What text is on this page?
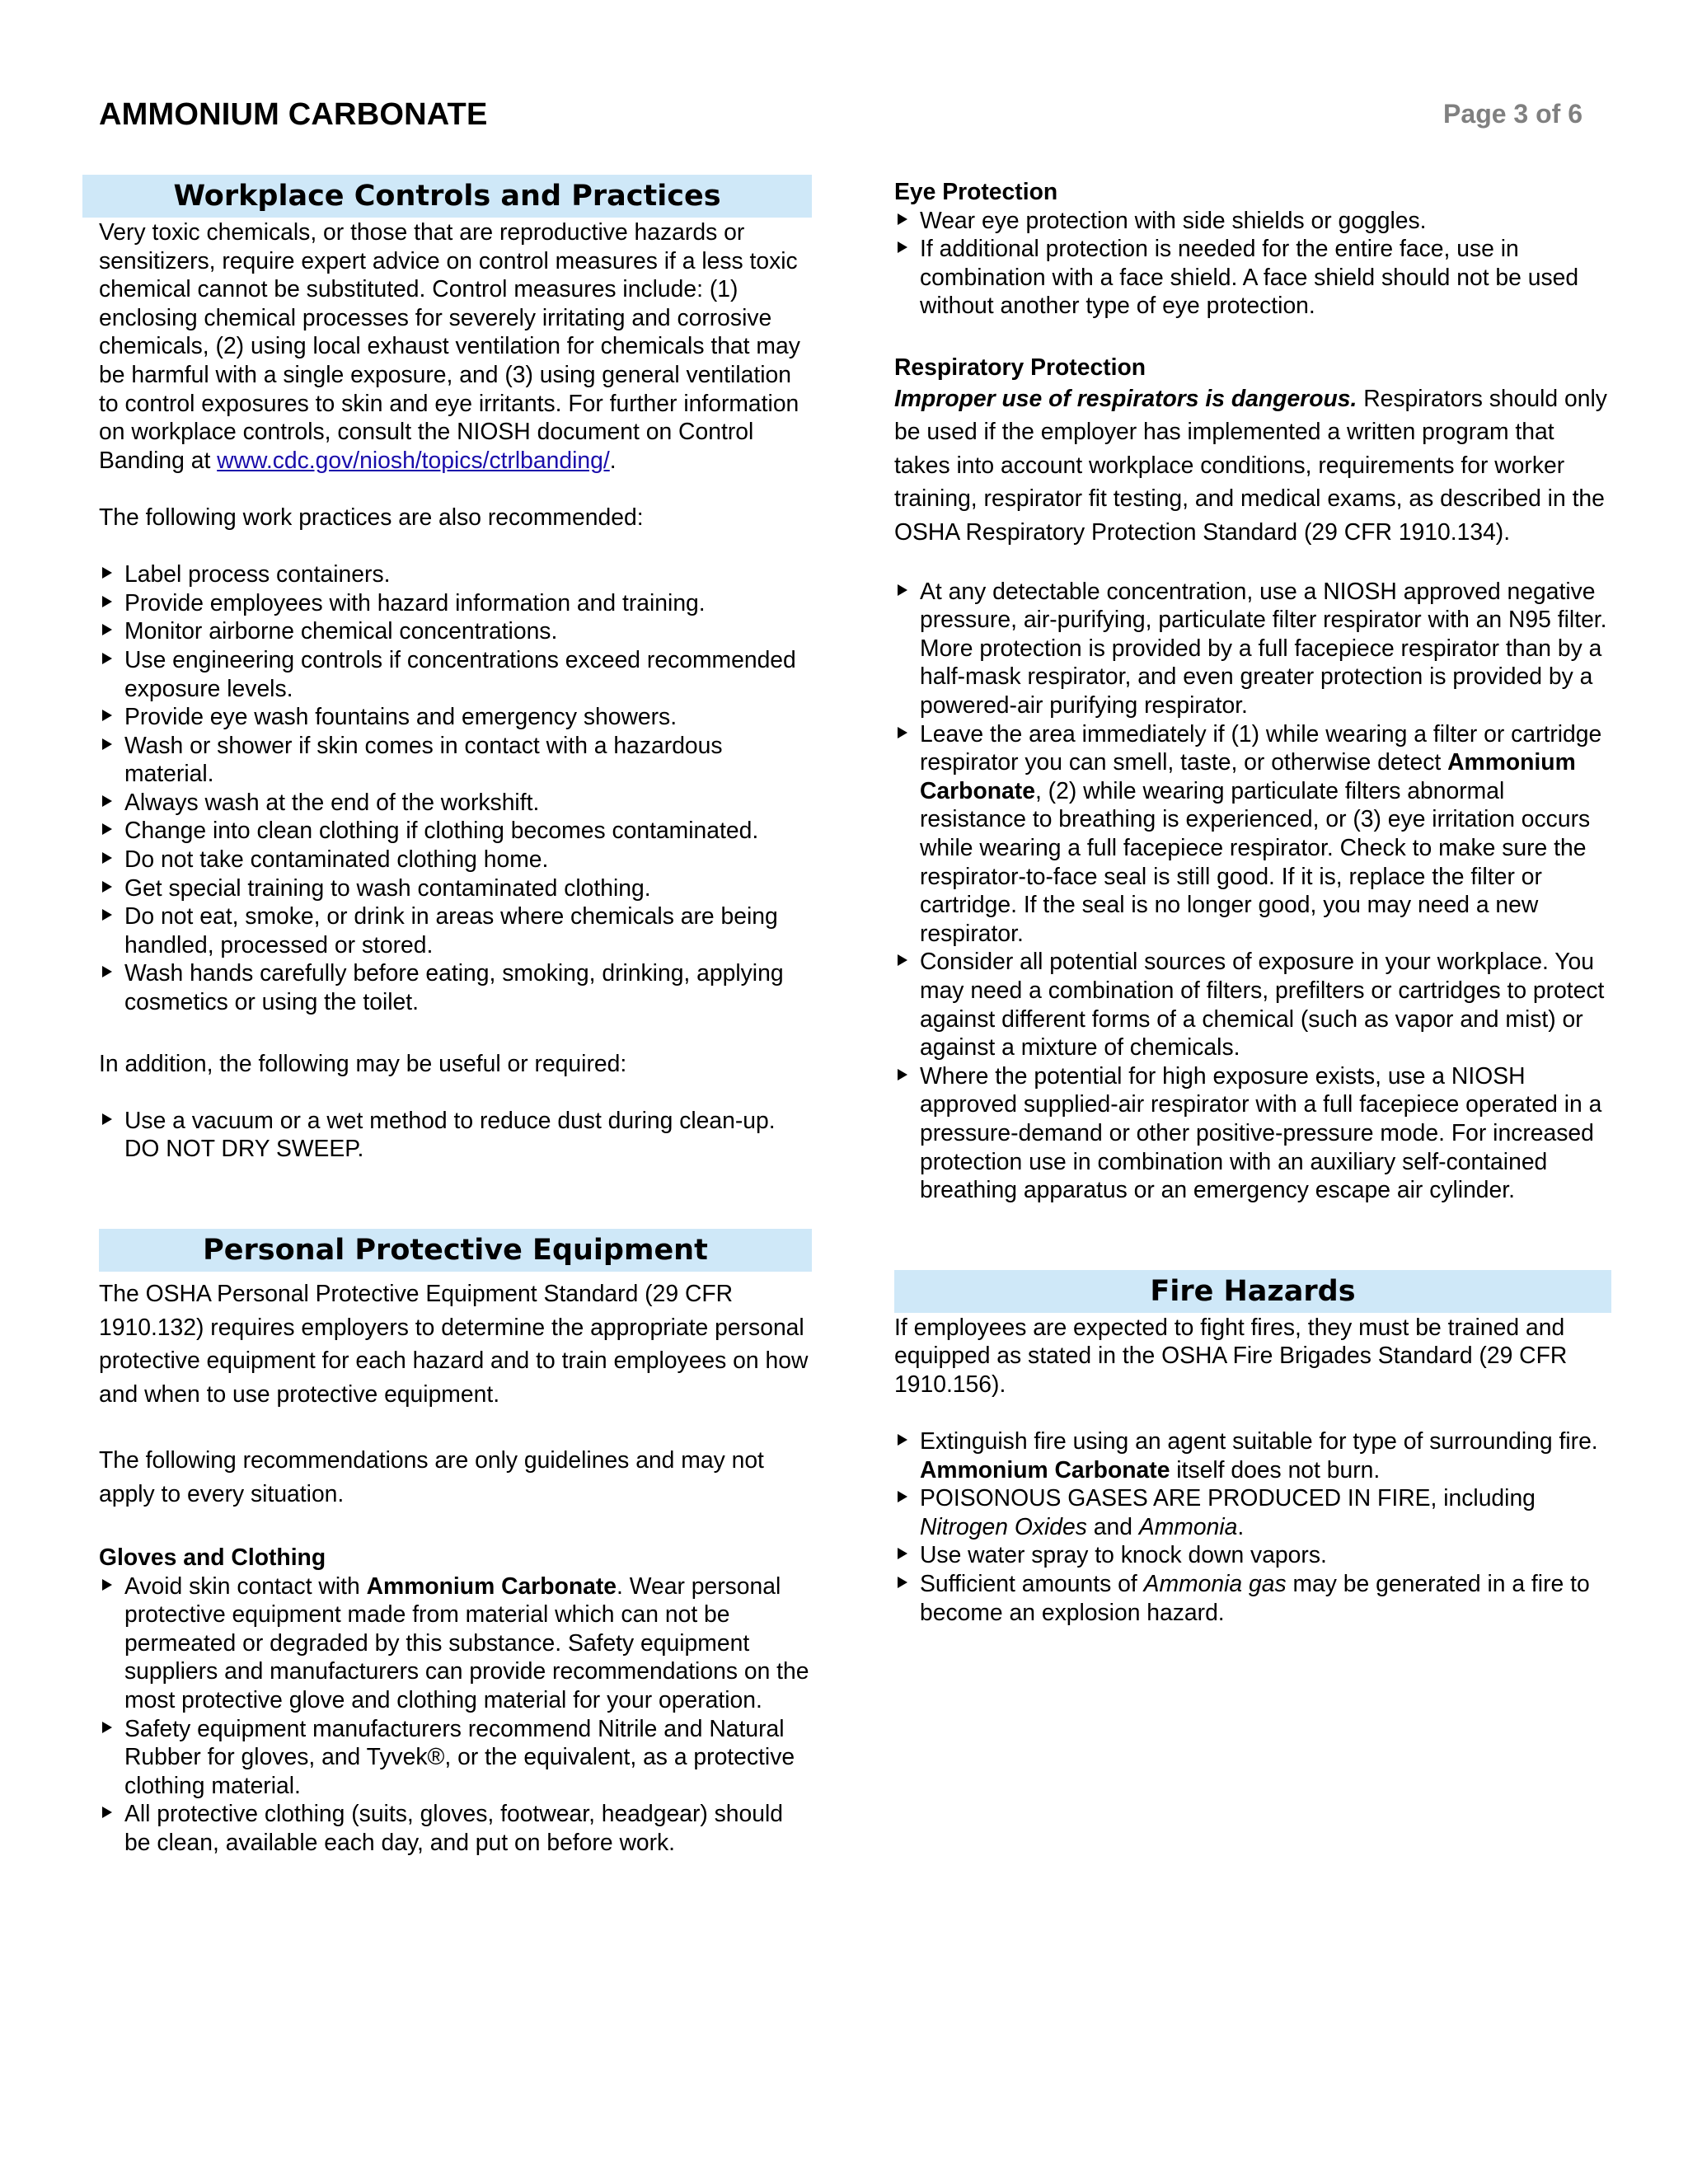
AMMONIUM CARBONATE	Page 3 of 6
Workplace Controls and Practices

Very toxic chemicals, or those that are reproductive hazards or sensitizers, require expert advice on control measures if a less toxic chemical cannot be substituted. Control measures include: (1) enclosing chemical processes for severely irritating and corrosive chemicals, (2) using local exhaust ventilation for chemicals that may be harmful with a single exposure, and (3) using general ventilation to control exposures to skin and eye irritants. For further information on workplace controls, consult the NIOSH document on Control Banding at www.cdc.gov/niosh/topics/ctrlbanding/.

The following work practices are also recommended:

Label process containers.
Provide employees with hazard information and training.
Monitor airborne chemical concentrations.
Use engineering controls if concentrations exceed recommended exposure levels.
Provide eye wash fountains and emergency showers.
Wash or shower if skin comes in contact with a hazardous material.
Always wash at the end of the workshift.
Change into clean clothing if clothing becomes contaminated.
Do not take contaminated clothing home.
Get special training to wash contaminated clothing.
Do not eat, smoke, or drink in areas where chemicals are being handled, processed or stored.
Wash hands carefully before eating, smoking, drinking, applying cosmetics or using the toilet.

In addition, the following may be useful or required:

Use a vacuum or a wet method to reduce dust during clean-up. DO NOT DRY SWEEP.
Personal Protective Equipment

The OSHA Personal Protective Equipment Standard (29 CFR 1910.132) requires employers to determine the appropriate personal protective equipment for each hazard and to train employees on how and when to use protective equipment.

The following recommendations are only guidelines and may not apply to every situation.

Gloves and Clothing

Avoid skin contact with Ammonium Carbonate. Wear personal protective equipment made from material which can not be permeated or degraded by this substance. Safety equipment suppliers and manufacturers can provide recommendations on the most protective glove and clothing material for your operation.
Safety equipment manufacturers recommend Nitrile and Natural Rubber for gloves, and Tyvek®, or the equivalent, as a protective clothing material.
All protective clothing (suits, gloves, footwear, headgear) should be clean, available each day, and put on before work.

Eye Protection

Wear eye protection with side shields or goggles.
If additional protection is needed for the entire face, use in combination with a face shield. A face shield should not be used without another type of eye protection.

Respiratory Protection

Improper use of respirators is dangerous. Respirators should only be used if the employer has implemented a written program that takes into account workplace conditions, requirements for worker training, respirator fit testing, and medical exams, as described in the OSHA Respiratory Protection Standard (29 CFR 1910.134).

At any detectable concentration, use a NIOSH approved negative pressure, air-purifying, particulate filter respirator with an N95 filter. More protection is provided by a full facepiece respirator than by a half-mask respirator, and even greater protection is provided by a powered-air purifying respirator.
Leave the area immediately if (1) while wearing a filter or cartridge respirator you can smell, taste, or otherwise detect Ammonium Carbonate, (2) while wearing particulate filters abnormal resistance to breathing is experienced, or (3) eye irritation occurs while wearing a full facepiece respirator. Check to make sure the respirator-to-face seal is still good. If it is, replace the filter or cartridge. If the seal is no longer good, you may need a new respirator.
Consider all potential sources of exposure in your workplace. You may need a combination of filters, prefilters or cartridges to protect against different forms of a chemical (such as vapor and mist) or against a mixture of chemicals.
Where the potential for high exposure exists, use a NIOSH approved supplied-air respirator with a full facepiece operated in a pressure-demand or other positive-pressure mode. For increased protection use in combination with an auxiliary self-contained breathing apparatus or an emergency escape air cylinder.
Fire Hazards

If employees are expected to fight fires, they must be trained and equipped as stated in the OSHA Fire Brigades Standard (29 CFR 1910.156).

Extinguish fire using an agent suitable for type of surrounding fire. Ammonium Carbonate itself does not burn.
POISONOUS GASES ARE PRODUCED IN FIRE, including Nitrogen Oxides and Ammonia.
Use water spray to knock down vapors.
Sufficient amounts of Ammonia gas may be generated in a fire to become an explosion hazard.
